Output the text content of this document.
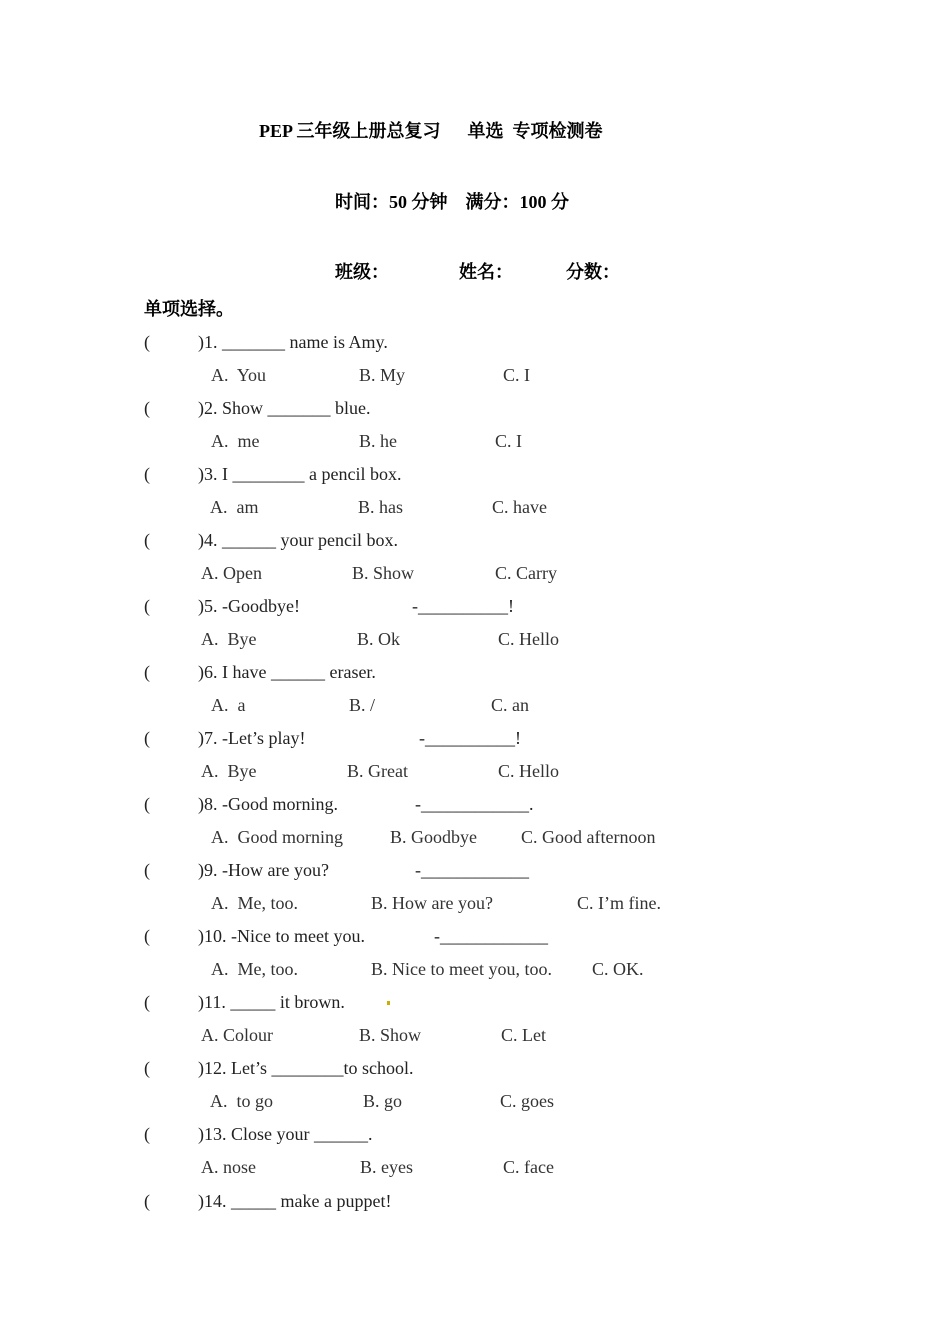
PEP 三年级上册总复习      单选  专项检测卷
时间：50 分钟    满分：100 分
班级：	姓名：	分数：
单项选择。
(	)1. _______ name is Amy.
A.  You	B. My	C. I
(	)2. Show _______ blue.
A.  me	B. he	C. I
(	)3. I ________ a pencil box.
A.  am	B. has	C. have
(	)4. ______ your pencil box.
A. Open	B. Show	C. Carry
(	)5. -Goodbye!	-__________!
A.  Bye	B. Ok	C. Hello
(	)6. I have ______ eraser.
A.  a	B. /	C. an
(	)7. -Let’s play!	-__________!
A.  Bye	B. Great	C. Hello
(	)8. -Good morning.	-____________.
A.  Good morning	B. Goodbye C. Good afternoon
(	)9. -How are you?	-____________
A.  Me, too.	B. How are you?	C. I’m fine.
(	)10. -Nice to meet you.	-____________
A.  Me, too.	B. Nice to meet you, too. C. OK.
(	)11. _____ it brown.
A. Colour	B. Show	C. Let
(	)12. Let’s ________to school.
A.  to go	B. go	C. goes
(	)13. Close your ______.
A. nose	B. eyes	C. face
(	)14. _____ make a puppet!
